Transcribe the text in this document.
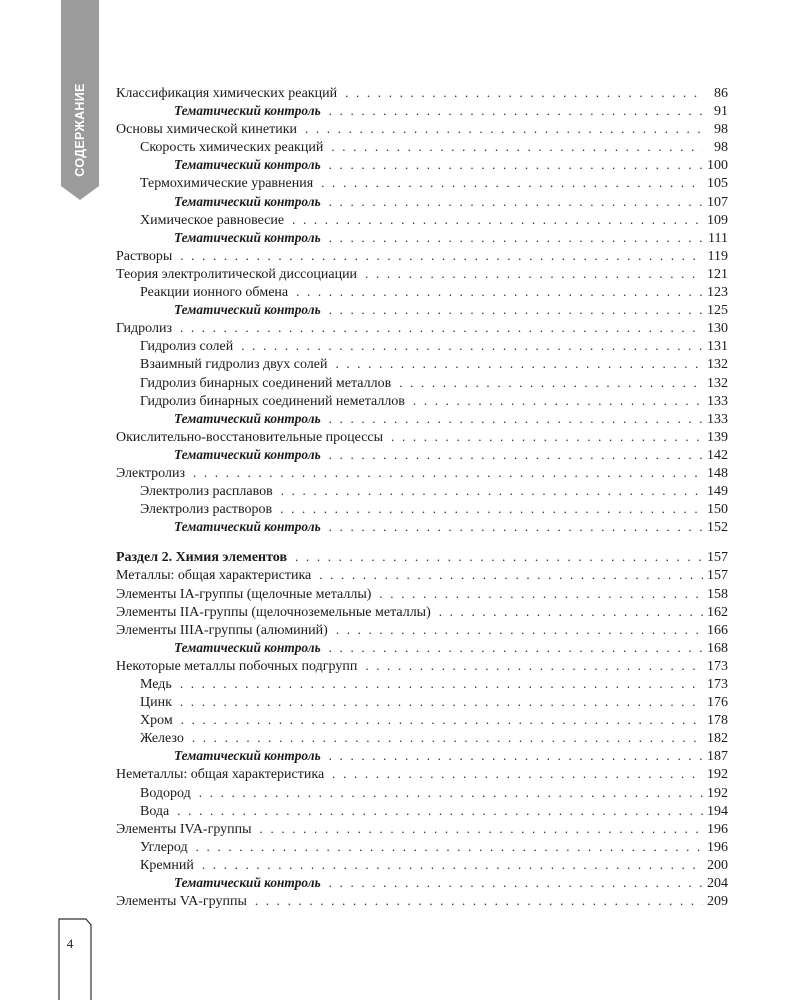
СОДЕРЖАНИЕ Классификация химических реакций . . .	86
Тематический контроль . . .	91
Основы химической кинетики . . .	98
Скорость химических реакций . . .	98
Тематический контроль . . .	100
Термохимические уравнения . . .	105
Тематический контроль . . .	107
Химическое равновесие . . .	109
Тематический контроль . . .	111
Растворы . . .	119
Теория электролитической диссоциации . . .	121
Реакции ионного обмена . . .	123
Тематический контроль . . .	125
Гидролиз . . .	130
Гидролиз солей . . .	131
Взаимный гидролиз двух солей . . .	132
Гидролиз бинарных соединений металлов . . .	132
Гидролиз бинарных соединений неметаллов . . .	133
Тематический контроль . . .	133
Окислительно-восстановительные процессы . . .	139
Тематический контроль . . .	142
Электролиз . . .	148
Электролиз расплавов . . .	149
Электролиз растворов . . .	150
Тематический контроль . . .	152
Раздел 2. Химия элементов . . .	157
Металлы: общая характеристика . . .	157
Элементы IA-группы (щелочные металлы) . . .	158
Элементы IIA-группы (щелочноземельные металлы) . . .	162
Элементы IIIA-группы (алюминий) . . .	166
Тематический контроль . . .	168
Некоторые металлы побочных подгрупп . . .	173
Медь . . .	173
Цинк . . .	176
Хром . . .	178
Железо . . .	182
Тематический контроль . . .	187
Неметаллы: общая характеристика . . .	192
Водород . . .	192
Вода . . .	194
Элементы IVA-группы . . .	196
Углерод . . .	196
Кремний . . .	200
Тематический контроль . . .	204
Элементы VA-группы . . .	209
4
